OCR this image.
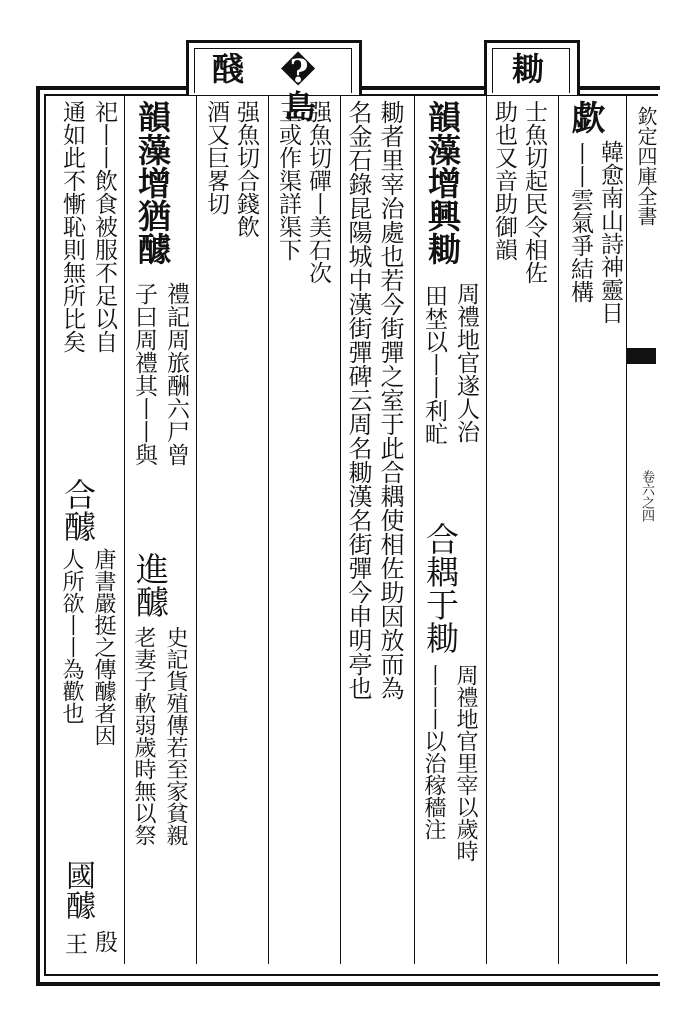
醆 �島	耡
欽定四庫全書
卷六之四
歔
韓愈南山詩神靈日
丨丨雲氣爭結構
士魚切起民令相佐
助也又音助御韻
韻藻增興耡
周禮地官遂人治
田埜以丨丨利甿
合耦于耡
周禮地官里宰以歲時
丨丨丨以治稼穡注
耡者里宰治處也若今街彈之室于此合耦使相佐助因放而為
名金石錄昆陽城中漢街彈碑云周名耡漢名街彈今申明亭也
强魚切磾丨美石次
玉或作渠詳渠下
强魚切合錢飲
酒又巨畧切
韻藻增猶醵
禮記周旅酬六尸曾
子曰周禮其丨丨與
進醵
史記貨殖傳若至家貧親
老妻子軟弱歲時無以祭
祀丨丨飲食被服不足以自
合醵
唐書嚴挺之傳醵者因
人所欲丨丨為歡也
國醵
殷
通如此不慚恥則無所比矣
王
